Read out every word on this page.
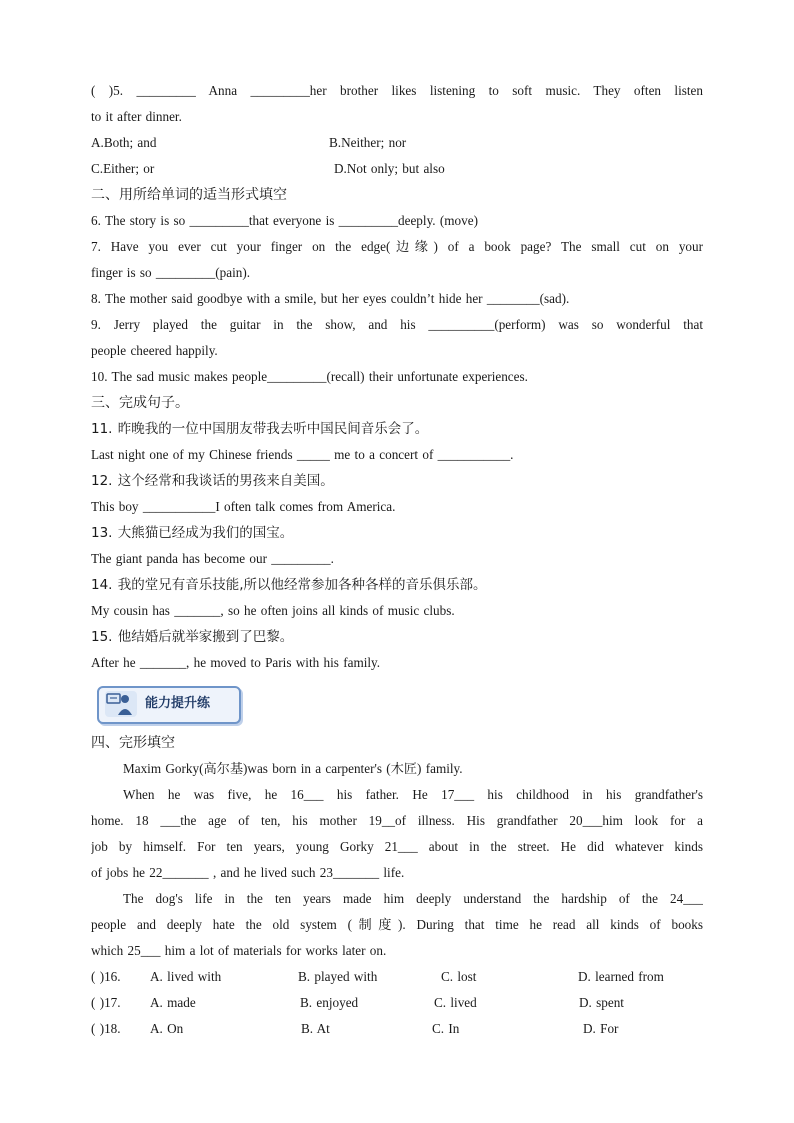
( )5. _________ Anna _________her brother likes listening to soft music. They often listen
to it after dinner.
A.Both; and	B.Neither; nor
C.Either; or	D.Not only; but also
二、用所给单词的适当形式填空
6. The story is so _________that everyone is _________deeply. (move)
7. Have you ever cut your finger on the edge(边缘) of a book page? The small cut on your
finger is so _________(pain).
8. The mother said goodbye with a smile, but her eyes couldn’t hide her ________(sad).
9. Jerry played the guitar in the show, and his __________(perform) was so wonderful that
people cheered happily.
10. The sad music makes people_________(recall) their unfortunate experiences.
三、完成句子。
11. 昨晚我的一位中国朋友带我去听中国民间音乐会了。
Last night one of my Chinese friends _____ me to a concert of ___________.
12. 这个经常和我谈话的男孩来自美国。
This boy ___________I often talk comes from America.
13. 大熊猫已经成为我们的国宝。
The giant panda has become our _________.
14. 我的堂兄有音乐技能,所以他经常参加各种各样的音乐俱乐部。
My cousin has _______, so he often joins all kinds of music clubs.
15. 他结婚后就举家搬到了巴黎。
After he _______, he moved to Paris with his family.
能力提升练
四、完形填空
Maxim Gorky(高尔基)was born in a carpenter's (木匠) family.
When he was five, he 16___ his father. He 17___ his childhood in his grandfather's
home. 18 ___the age of ten, his mother 19__of illness. His grandfather 20___him look for a
job by himself. For ten years, young Gorky 21___ about in the street. He did whatever kinds
of jobs he 22_______ , and he lived such 23_______ life.
The dog's life in the ten years made him deeply understand the hardship of the 24___
people and deeply hate the old system (制度). During that time he read all kinds of books
which 25___ him a lot of materials for works later on.
( )16. A. lived with	B. played with	C. lost	D. learned from
( )17. A. made	B. enjoyed	C. lived	D. spent
( )18. A. On	B. At	C. In	D. For
